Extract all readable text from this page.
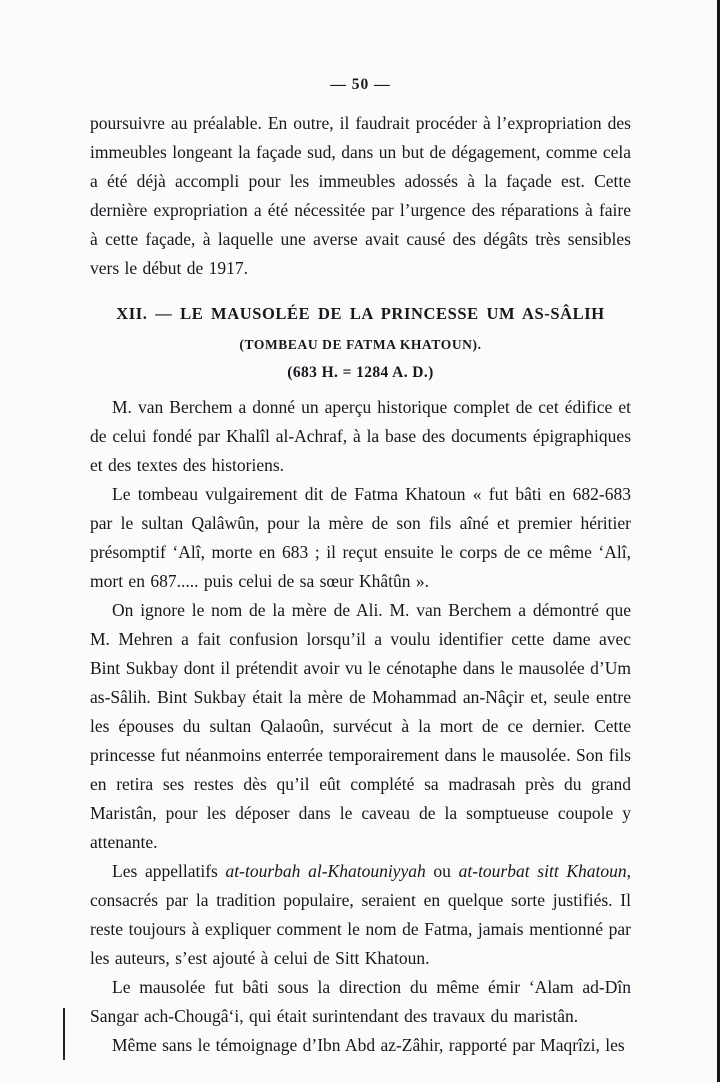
— 50 —

poursuivre au préalable. En outre, il faudrait procéder à l’expropriation des immeubles longeant la façade sud, dans un but de dégagement, comme cela a été déjà accompli pour les immeubles adossés à la façade est. Cette dernière expropriation a été nécessitée par l’urgence des réparations à faire à cette façade, à laquelle une averse avait causé des dégâts très sensibles vers le début de 1917.

XII. — LE MAUSOLÉE DE LA PRINCESSE UM AS-SÂLIH
(TOMBEAU DE FATMA KHATOUN).
(683 H. = 1284 A. D.)

M. van Berchem a donné un aperçu historique complet de cet édifice et de celui fondé par Khalîl al-Achraf, à la base des documents épigraphiques et des textes des historiens.

Le tombeau vulgairement dit de Fatma Khatoun « fut bâti en 682-683 par le sultan Qalâwûn, pour la mère de son fils aîné et premier héritier présomptif ‘Alî, morte en 683 ; il reçut ensuite le corps de ce même ‘Alî, mort en 687..... puis celui de sa sœur Khâtûn ».

On ignore le nom de la mère de Ali. M. van Berchem a démontré que M. Mehren a fait confusion lorsqu’il a voulu identifier cette dame avec Bint Sukbay dont il prétendit avoir vu le cénotaphe dans le mausolée d’Um as-Sâlih. Bint Sukbay était la mère de Mohammad an-Nâçir et, seule entre les épouses du sultan Qalaoûn, survécut à la mort de ce dernier. Cette princesse fut néanmoins enterrée temporairement dans le mausolée. Son fils en retira ses restes dès qu’il eût complété sa madrasah près du grand Maristân, pour les déposer dans le caveau de la somptueuse coupole y attenante.

Les appellatifs at-tourbah al-Khatouniyyah ou at-tourbat sitt Khatoun, consacrés par la tradition populaire, seraient en quelque sorte justifiés. Il reste toujours à expliquer comment le nom de Fatma, jamais mentionné par les auteurs, s’est ajouté à celui de Sitt Khatoun.

Le mausolée fut bâti sous la direction du même émir ‘Alam ad-Dîn Sangar ach-Chougâ‘i, qui était surintendant des travaux du maristân.

Même sans le témoignage d’Ibn Abd az-Zâhir, rapporté par Maqrîzi, les
